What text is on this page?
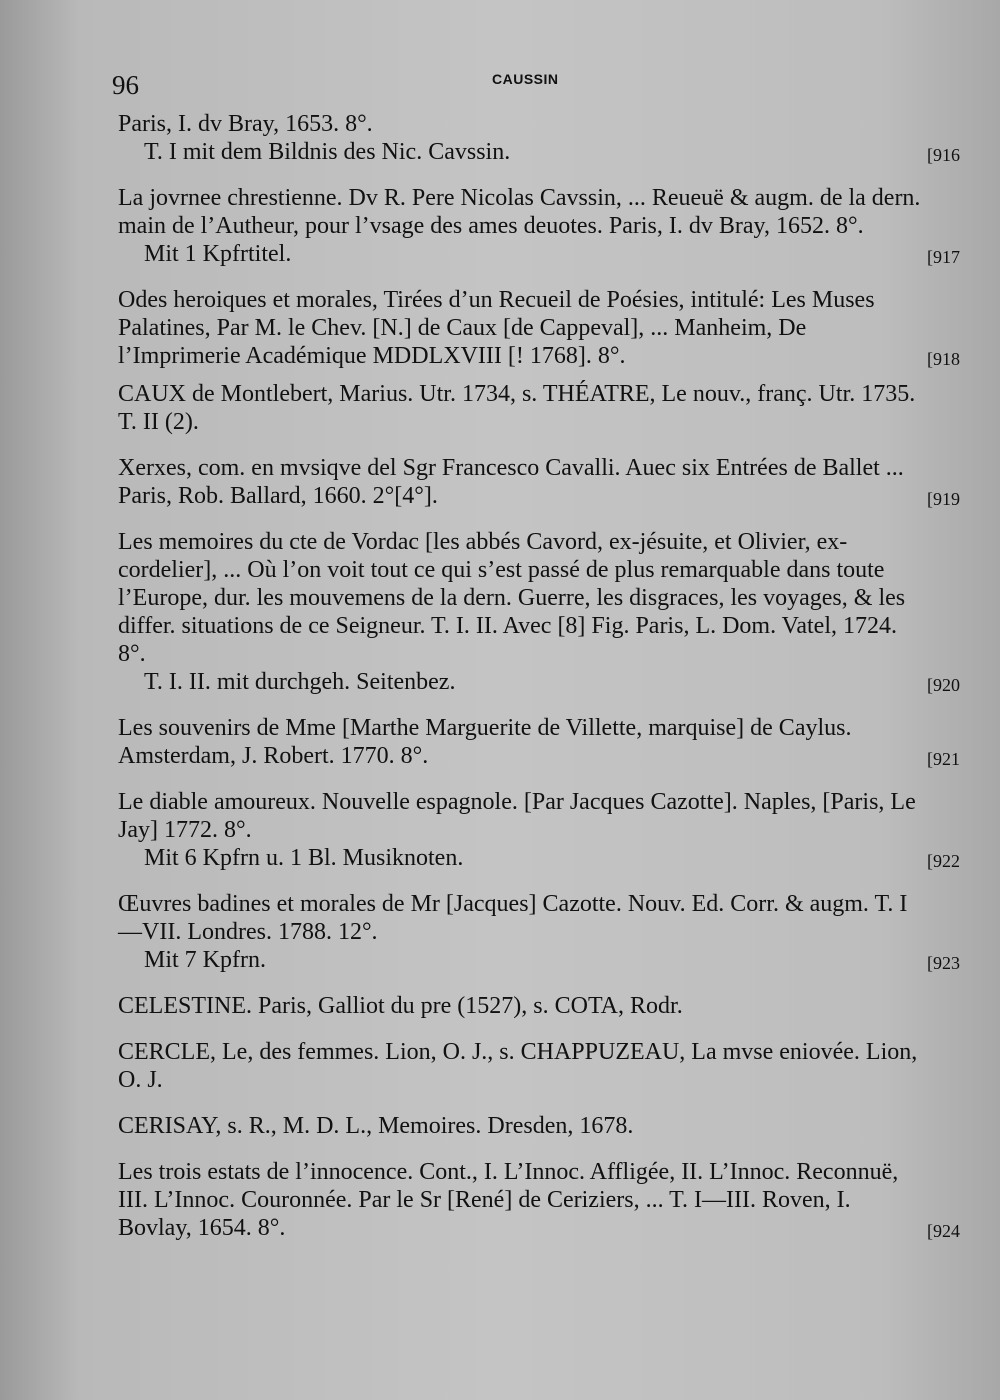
96	CAUSSIN
Paris, I. dv Bray, 1653. 8°.
T. I mit dem Bildnis des Nic. Cavssin.	[916
La jovrnee chrestienne. Dv R. Pere Nicolas Cavssin, ... Reueuë & augm. de la dern. main de l’Autheur, pour l’vsage des ames deuotes. Paris, I. dv Bray, 1652. 8°.
Mit 1 Kpfrtitel.	[917
Odes heroiques et morales, Tirées d’un Recueil de Poésies, intitulé: Les Muses Palatines, Par M. le Chev. [N.] de Caux [de Cappeval], ... Manheim, De l’Imprimerie Académique MDDLXVIII [! 1768]. 8°.	[918
CAUX de Montlebert, Marius. Utr. 1734, s. THÉATRE, Le nouv., franç. Utr. 1735. T. II (2).
Xerxes, com. en mvsiqve del Sgr Francesco Cavalli. Auec six Entrées de Ballet ... Paris, Rob. Ballard, 1660. 2°[4°].	[919
Les memoires du cte de Vordac [les abbés Cavord, ex-jésuite, et Olivier, ex-cordelier], ... Où l’on voit tout ce qui s’est passé de plus remarquable dans toute l’Europe, dur. les mouvemens de la dern. Guerre, les disgraces, les voyages, & les differ. situations de ce Seigneur. T. I. II. Avec [8] Fig. Paris, L. Dom. Vatel, 1724. 8°.
T. I. II. mit durchgeh. Seitenbez.	[920
Les souvenirs de Mme [Marthe Marguerite de Villette, marquise] de Caylus. Amsterdam, J. Robert. 1770. 8°.	[921
Le diable amoureux. Nouvelle espagnole. [Par Jacques Cazotte]. Naples, [Paris, Le Jay] 1772. 8°.
Mit 6 Kpfrn u. 1 Bl. Musiknoten.	[922
Œuvres badines et morales de Mr [Jacques] Cazotte. Nouv. Ed. Corr. & augm. T. I—VII. Londres. 1788. 12°.
Mit 7 Kpfrn.	[923
CELESTINE. Paris, Galliot du pre (1527), s. COTA, Rodr.
CERCLE, Le, des femmes. Lion, O. J., s. CHAPPUZEAU, La mvse eniovée. Lion, O. J.
CERISAY, s. R., M. D. L., Memoires. Dresden, 1678.
Les trois estats de l’innocence. Cont., I. L’Innoc. Affligée, II. L’Innoc. Reconnuë, III. L’Innoc. Couronnée. Par le Sr [René] de Ceriziers, ... T. I—III. Roven, I. Bovlay, 1654. 8°.	[924
